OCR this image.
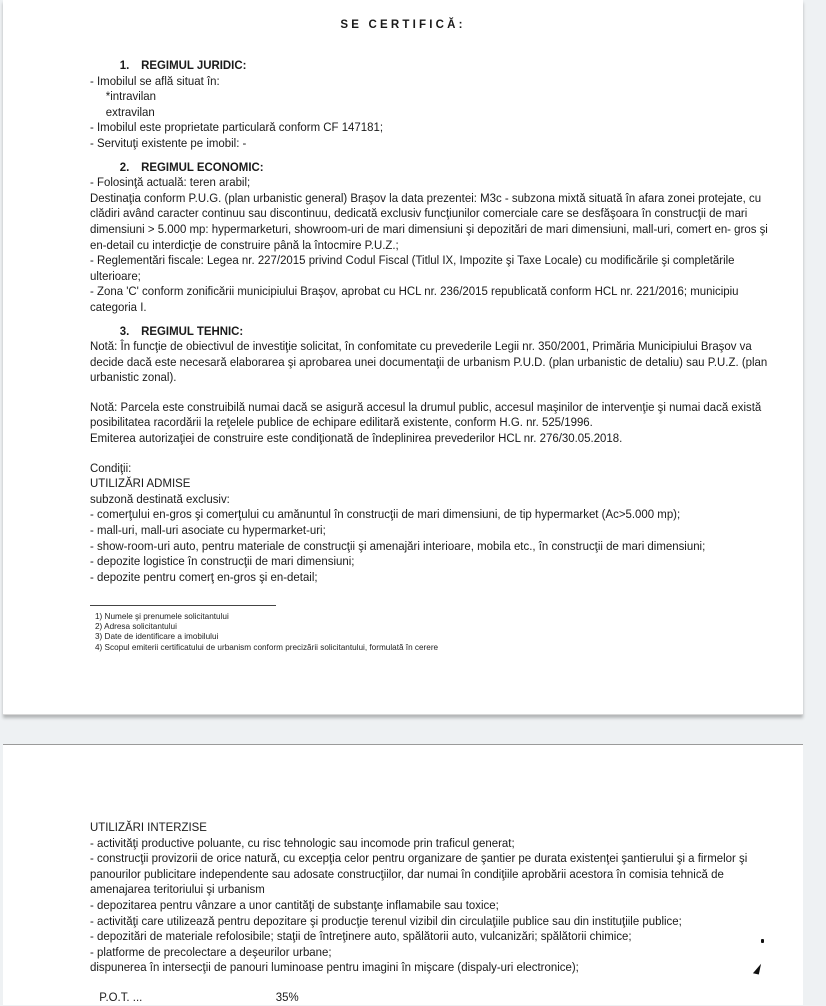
SE CERTIFICĂ:

1. REGIMUL JURIDIC:

- Imobilul se află situat în:

*intravilan

extravilan

- Imobilul este proprietate particulară conform CF 147181;

- Servituţi existente pe imobil: -

2. REGIMUL ECONOMIC:

- Folosinţă actuală: teren arabil;

Destinaţia conform P.U.G. (plan urbanistic general) Braşov la data prezentei: M3c - subzona mixtă situată în afara zonei protejate, cu clădiri având caracter continuu sau discontinuu, dedicată exclusiv funcţiunilor comerciale care se desfăşoara în construcţii de mari dimensiuni > 5.000 mp: hypermarketuri, showroom-uri de mari dimensiuni şi depozitări de mari dimensiuni, mall-uri, comert en- gros şi en-detail cu interdicţie de construire până la întocmire P.U.Z.;

- Reglementări fiscale: Legea nr. 227/2015 privind Codul Fiscal (Titlul IX, Impozite şi Taxe Locale) cu modificările şi completările ulterioare;

- Zona 'C' conform zonificării municipiului Braşov, aprobat cu HCL nr. 236/2015 republicată conform HCL nr. 221/2016; municipiu categoria I.

3. REGIMUL TEHNIC:

Notă: În funcţie de obiectivul de investiţie solicitat, în confomitate cu prevederile Legii nr. 350/2001, Primăria Municipiului Braşov va decide dacă este necesară elaborarea şi aprobarea unei documentaţii de urbanism P.U.D. (plan urbanistic de detaliu) sau P.U.Z. (plan urbanistic zonal).

Notă: Parcela este construibilă numai dacă se asigură accesul la drumul public, accesul maşinilor de intervenţie şi numai dacă există posibilitatea racordării la reţelele publice de echipare edilitară existente, conform H.G. nr. 525/1996.

Emiterea autorizaţiei de construire este condiţionată de îndeplinirea prevederilor HCL nr. 276/30.05.2018.

Condiţii:

UTILIZĂRI ADMISE

subzonă destinată exclusiv:

- comerţului en-gros şi comerţului cu amănuntul în construcţii de mari dimensiuni, de tip hypermarket (Ac>5.000 mp);

- mall-uri, mall-uri asociate cu hypermarket-uri;

- show-room-uri auto, pentru materiale de construcţii şi amenajări interioare, mobila etc., în construcţii de mari dimensiuni;

- depozite logistice în construcţii de mari dimensiuni;

- depozite pentru comerţ en-gros şi en-detail;

1) Numele şi prenumele solicitantului

2) Adresa solicitantului

3) Date de identificare a imobilului

4) Scopul emiterii certificatului de urbanism conform precizării solicitantului, formulată în cerere

UTILIZĂRI INTERZISE

- activităţi productive poluante, cu risc tehnologic sau incomode prin traficul generat;

- construcţii provizorii de orice natură, cu excepţia celor pentru organizare de şantier pe durata existenţei şantierului şi a firmelor şi panourilor publicitare independente sau adosate construcţiilor, dar numai în condiţiile aprobării acestora în comisia tehnică de amenajarea teritoriului şi urbanism

- depozitarea pentru vânzare a unor cantităţi de substanţe inflamabile sau toxice;

- activităţi care utilizează pentru depozitare şi producţie terenul vizibil din circulaţiile publice sau din instituţiile publice;

- depozitări de materiale refolosibile; staţii de întreţinere auto, spălătorii auto, vulcanizări; spălătorii chimice;

- platforme de precolectare a deşeurilor urbane;

dispunerea în intersecţii de panouri luminoase pentru imagini în mişcare (dispaly-uri electronice);

P.O.T. ...                                          35%
